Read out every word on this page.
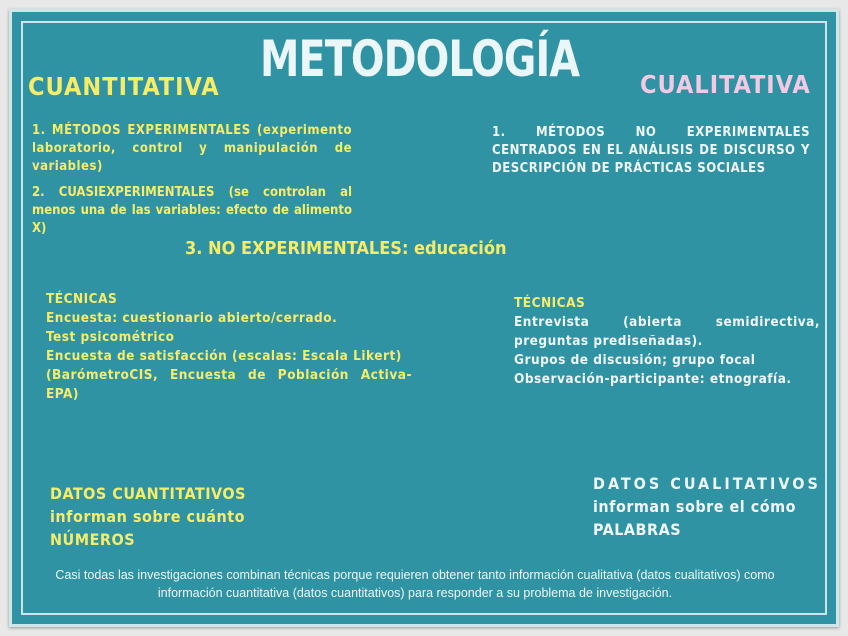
METODOLOGÍA
CUANTITATIVA	CUALITATIVA
1. MÉTODOS EXPERIMENTALES (experimento laboratorio, control y manipulación de variables)
2. CUASIEXPERIMENTALES (se controlan al menos una de las variables: efecto de alimento X)
3. NO EXPERIMENTALES: educación
1. MÉTODOS NO EXPERIMENTALES CENTRADOS EN EL ANÁLISIS DE DISCURSO Y DESCRIPCIÓN DE PRÁCTICAS SOCIALES

TÉCNICAS

Encuesta: cuestionario abierto/cerrado.

Test psicométrico

Encuesta de satisfacción (escalas: Escala Likert)

(BarómetroCIS, Encuesta de Población Activa-EPA)

TÉCNICAS

Entrevista (abierta semidirectiva, preguntas prediseñadas).

Grupos de discusión; grupo focal

Observación-participante: etnografía.

DATOS CUANTITATIVOS

informan sobre cuánto

NÚMEROS

DATOS CUALITATIVOS

informan sobre el cómo

PALABRAS

Casi todas las investigaciones combinan técnicas porque requieren obtener tanto información cualitativa (datos cualitativos) como información cuantitativa (datos cuantitativos) para responder a su problema de investigación.
